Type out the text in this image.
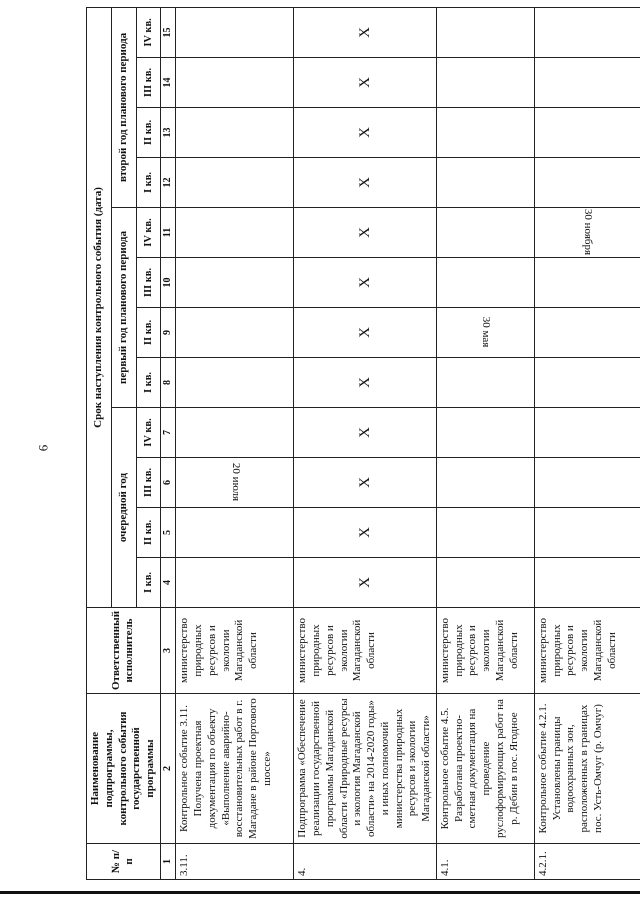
6
№ п/п	Наименование подпрограммы, контрольного события государственной программы	Ответственный исполнитель	Срок наступления контрольного события (дата)											
			очередной год				первый год планового периода				второй год планового периода			
			I кв.	II кв.	III кв.	IV кв.	I кв.	II кв.	III кв.	IV кв.	I кв.	II кв.	III кв.	IV кв.
1	2	3	4	5	6	7	8	9	10	11	12	13	14	15
3.11.	Контрольное событие 3.11. Получена проектная документация по объекту «Выполнение аварийно-восстановительных работ в г. Магадане в районе Портового шоссе»	министерство природных ресурсов и экологии Магаданской области			20 июля									

4.	Подпрограмма «Обеспечение реализации государственной программы Магаданской области «Природные ресурсы и экология Магаданской области» на 2014-2020 годы» и иных полномочий министерства природных ресурсов и экологии Магаданской области»	министерство природных ресурсов и экологии Магаданской области	X	X	X	X	X	X	X	X	X	X	X	X
4.1.	Контрольное событие 4.5. Разработана проектно-сметная документация на проведение руслоформирующих работ на р. Дебин в пос. Ягодное	министерство природных ресурсов и экологии Магаданской области						30 мая						

4.2.1.	Контрольное событие 4.2.1. Установлены границы водоохранных зон, расположенных в границах пос. Усть-Омчуг (р. Омчуг)	министерство природных ресурсов и экологии Магаданской области								30 ноября				
